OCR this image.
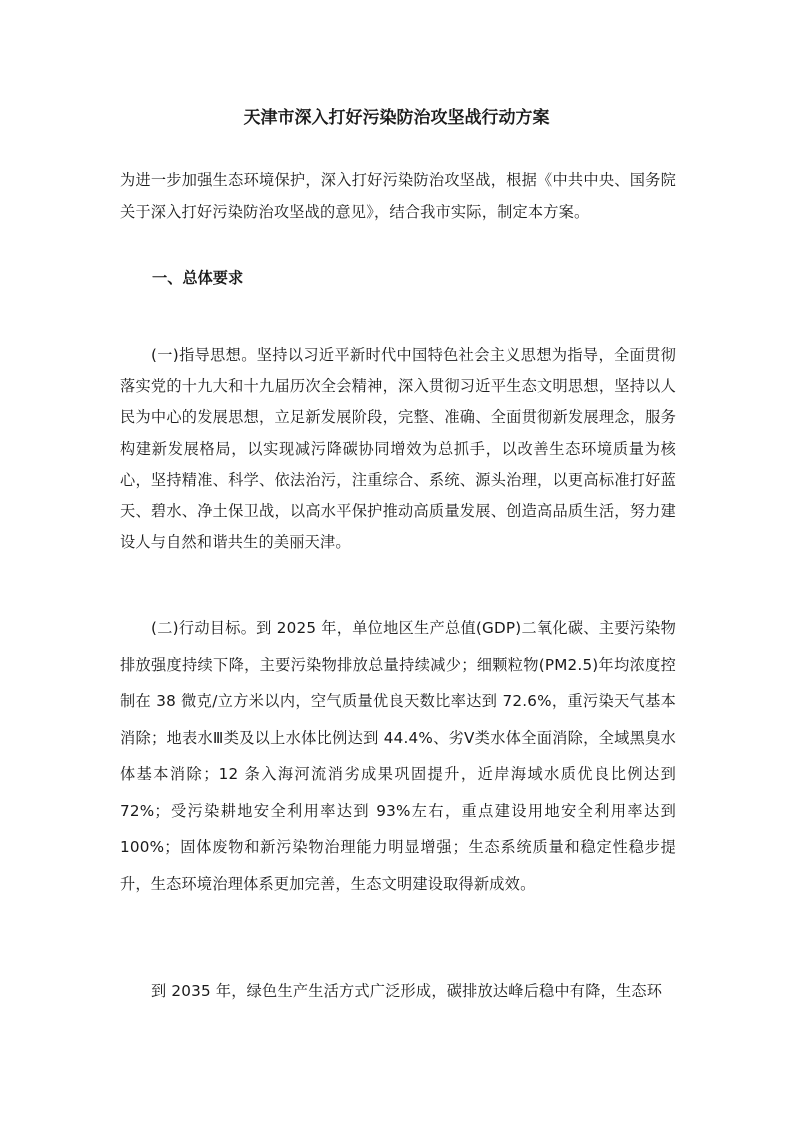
天津市深入打好污染防治攻坚战行动方案

为进一步加强生态环境保护，深入打好污染防治攻坚战，根据《中共中央、国务院关于深入打好污染防治攻坚战的意见》，结合我市实际，制定本方案。

一、总体要求

(一)指导思想。坚持以习近平新时代中国特色社会主义思想为指导，全面贯彻落实党的十九大和十九届历次全会精神，深入贯彻习近平生态文明思想，坚持以人民为中心的发展思想，立足新发展阶段，完整、准确、全面贯彻新发展理念，服务构建新发展格局，以实现减污降碳协同增效为总抓手，以改善生态环境质量为核心，坚持精准、科学、依法治污，注重综合、系统、源头治理，以更高标准打好蓝天、碧水、净土保卫战，以高水平保护推动高质量发展、创造高品质生活，努力建设人与自然和谐共生的美丽天津。

(二)行动目标。到 2025 年，单位地区生产总值(GDP)二氧化碳、主要污染物排放强度持续下降，主要污染物排放总量持续减少；细颗粒物(PM2.5)年均浓度控制在 38 微克/立方米以内，空气质量优良天数比率达到 72.6%，重污染天气基本消除；地表水Ⅲ类及以上水体比例达到 44.4%、劣Ⅴ类水体全面消除，全域黑臭水体基本消除；12 条入海河流消劣成果巩固提升，近岸海域水质优良比例达到 72%；受污染耕地安全利用率达到 93%左右，重点建设用地安全利用率达到 100%；固体废物和新污染物治理能力明显增强；生态系统质量和稳定性稳步提升，生态环境治理体系更加完善，生态文明建设取得新成效。

到 2035 年，绿色生产生活方式广泛形成，碳排放达峰后稳中有降，生态环
